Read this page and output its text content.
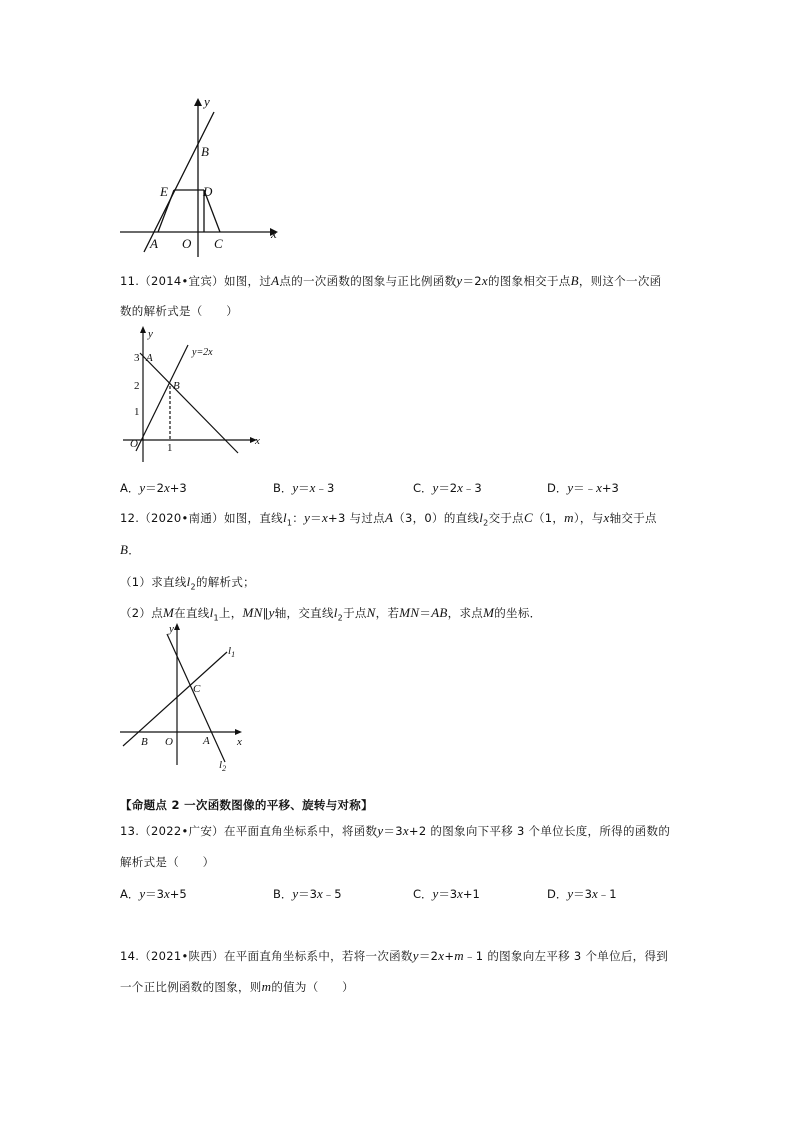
y
x
B
E	D
A O C
11.（2014•宜宾）如图，过A点的一次函数的图象与正比例函数y＝2x的图象相交于点B，则这个一次函
数的解析式是（　　）
y
x
3
2
1
1
O
A
B
y=2x
A．y＝2x+3	B．y＝x﹣3	C．y＝2x﹣3	D．y＝﹣x+3
12.（2020•南通）如图，直线$l_1$：y＝x+3 与过点A（3，0）的直线$l_2$交于点C（1，m），与x轴交于点
B．
（1）求直线$l_2$的解析式；
（2）点M在直线$l_1$上，MN∥y轴，交直线$l_2$于点N，若MN＝AB，求点M的坐标．
y
x
$l_1$
$l_2$
C
B O	A
【命题点 2 一次函数图像的平移、旋转与对称】
13.（2022•广安）在平面直角坐标系中，将函数y＝3x+2 的图象向下平移 3 个单位长度，所得的函数的
解析式是（　　）
A．y＝3x+5	B．y＝3x﹣5	C．y＝3x+1	D．y＝3x﹣1
14.（2021•陕西）在平面直角坐标系中，若将一次函数y＝2x+m﹣1 的图象向左平移 3 个单位后，得到
一个正比例函数的图象，则m的值为（　　）
